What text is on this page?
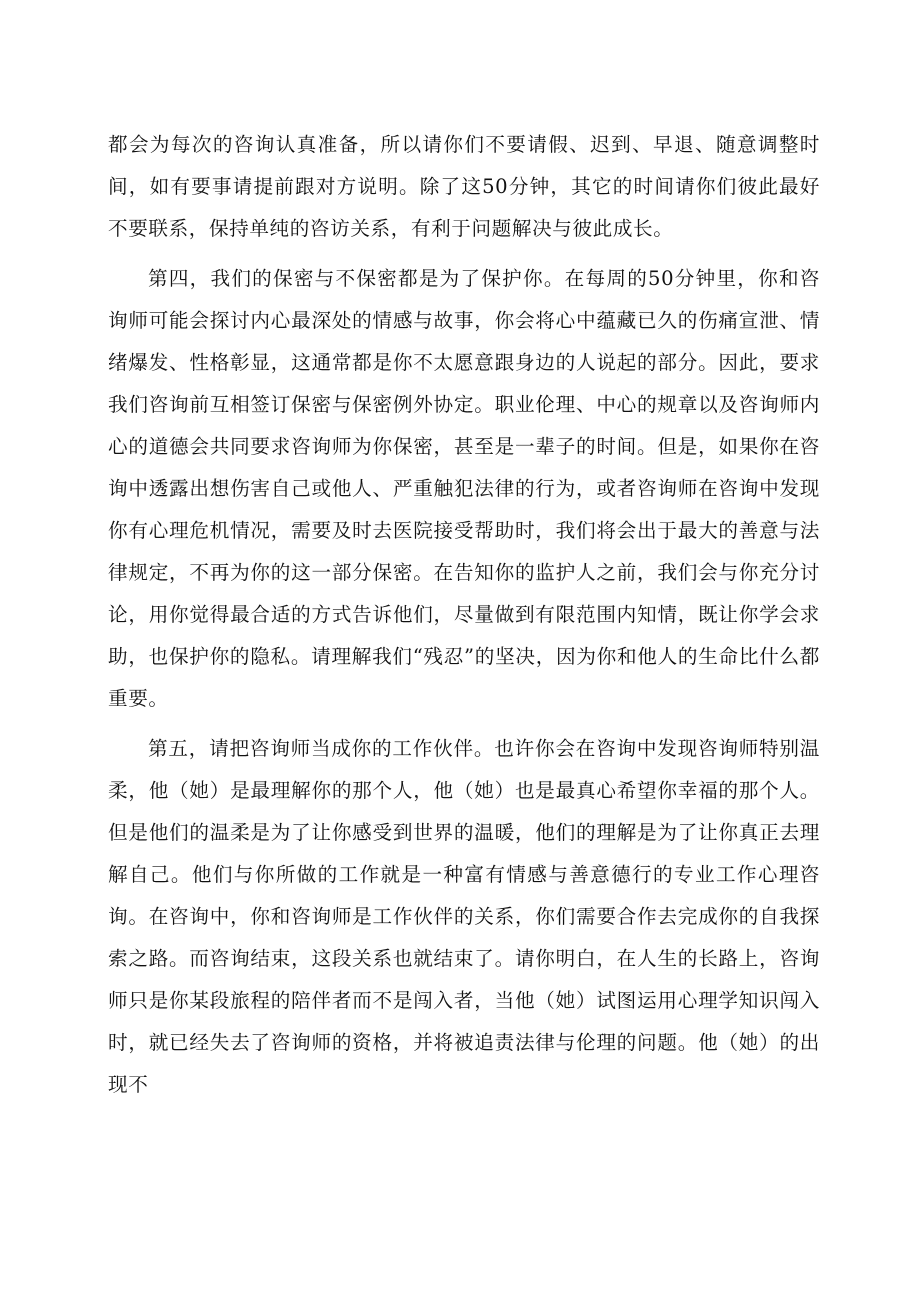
都会为每次的咨询认真准备，所以请你们不要请假、迟到、早退、随意调整时间，如有要事请提前跟对方说明。除了这50分钟，其它的时间请你们彼此最好不要联系，保持单纯的咨访关系，有利于问题解决与彼此成长。

第四，我们的保密与不保密都是为了保护你。在每周的50分钟里，你和咨询师可能会探讨内心最深处的情感与故事，你会将心中蕴藏已久的伤痛宣泄、情绪爆发、性格彰显，这通常都是你不太愿意跟身边的人说起的部分。因此，要求我们咨询前互相签订保密与保密例外协定。职业伦理、中心的规章以及咨询师内心的道德会共同要求咨询师为你保密，甚至是一辈子的时间。但是，如果你在咨询中透露出想伤害自己或他人、严重触犯法律的行为，或者咨询师在咨询中发现你有心理危机情况，需要及时去医院接受帮助时，我们将会出于最大的善意与法律规定，不再为你的这一部分保密。在告知你的监护人之前，我们会与你充分讨论，用你觉得最合适的方式告诉他们，尽量做到有限范围内知情，既让你学会求助，也保护你的隐私。请理解我们“残忍”的坚决，因为你和他人的生命比什么都重要。

第五，请把咨询师当成你的工作伙伴。也许你会在咨询中发现咨询师特别温柔，他（她）是最理解你的那个人，他（她）也是最真心希望你幸福的那个人。但是他们的温柔是为了让你感受到世界的温暖，他们的理解是为了让你真正去理解自己。他们与你所做的工作就是一种富有情感与善意德行的专业工作心理咨询。在咨询中，你和咨询师是工作伙伴的关系，你们需要合作去完成你的自我探索之路。而咨询结束，这段关系也就结束了。请你明白，在人生的长路上，咨询师只是你某段旅程的陪伴者而不是闯入者，当他（她）试图运用心理学知识闯入时，就已经失去了咨询师的资格，并将被追责法律与伦理的问题。他（她）的出现不
